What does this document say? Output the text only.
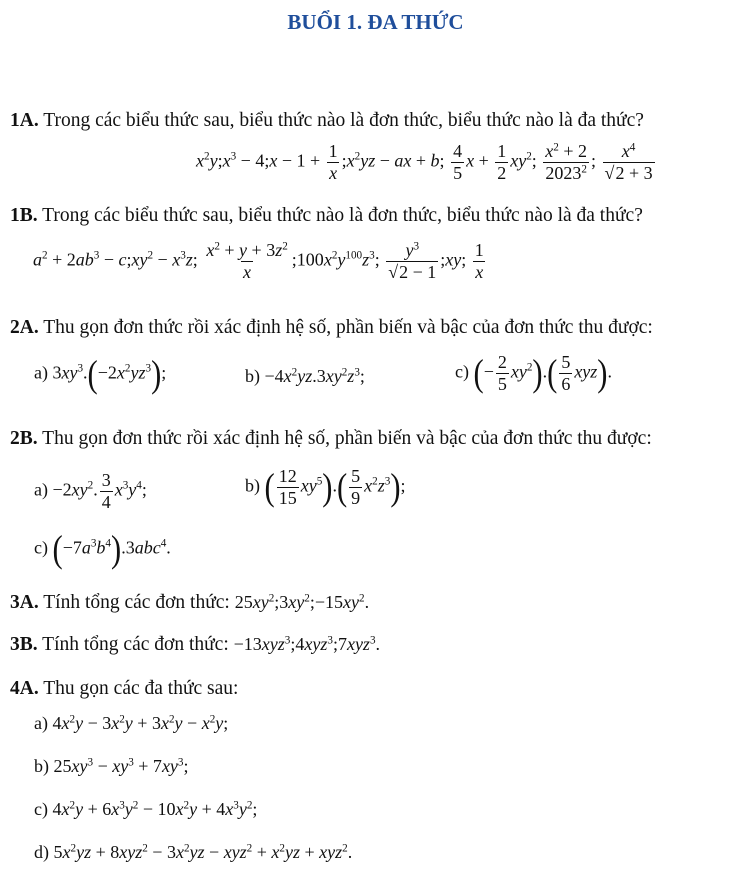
BUỔI 1. ĐA THỨC
1A. Trong các biểu thức sau, biểu thức nào là đơn thức, biểu thức nào là đa thức?
$x^2y;x^3$ − 4;x − $1 + \frac{1}{x}$ $;x^2yz$ − ax + b; $\frac{4}{5}$ $x + \frac{1}{2} xy^2$; $\frac{x^2 + 2}{2023^2}$ ; $\frac{x^4}{√2 + 3}$
1B. Trong các biểu thức sau, biểu thức nào là đơn thức, biểu thức nào là đa thức?
$a^2 + 2ab^3$ − $c;xy^2 - x^3z$; $\frac{x^2 + y + 3z^2}{x}$ $;100x^2y^{100}z^3$; $\frac{y^3}{√2 - 1}$ ;xy; $\frac{1}{x}$
2A. Thu gọn đơn thức rồi xác định hệ số, phần biến và bậc của đơn thức thu được:
a) $3xy^3.(-2x^2yz^3)$;	$b) -4x^2yz.3xy^2z^3$;	c) (− $\frac{2}{5} xy^2).( \frac{5}{6} xyz)$.
2B. Thu gọn đơn thức rồi xác định hệ số, phần biến và bậc của đơn thức thu được:
$a) -2xy^2$. $\frac{3}{4} x^3y^4$;	b) ( $\frac{12}{15} xy^5).( \frac{5}{9} x^2z^3)$;
c) $(-7a^3b^4).3abc^4$.
3A. Tính tổng các đơn thức: $25xy^2;3xy^2;-15xy^2$.
3B. Tính tổng các đơn thức: −13xyz$^3$;4xyz$^3$;7xyz$^3$.
4A. Thu gọn các đa thức sau:
a) $4x^2y - 3x^2y + 3x^2y - x^2y$;
b) $25xy^3 - xy^3 + 7xy^3$;
c) $4x^2y + 6x^3y^2 - 10x^2y + 4x^3y^2$;
d) $5x^2yz + 8xyz^2 - 3x^2yz - xyz^2 + x^2yz + xyz^2$.
